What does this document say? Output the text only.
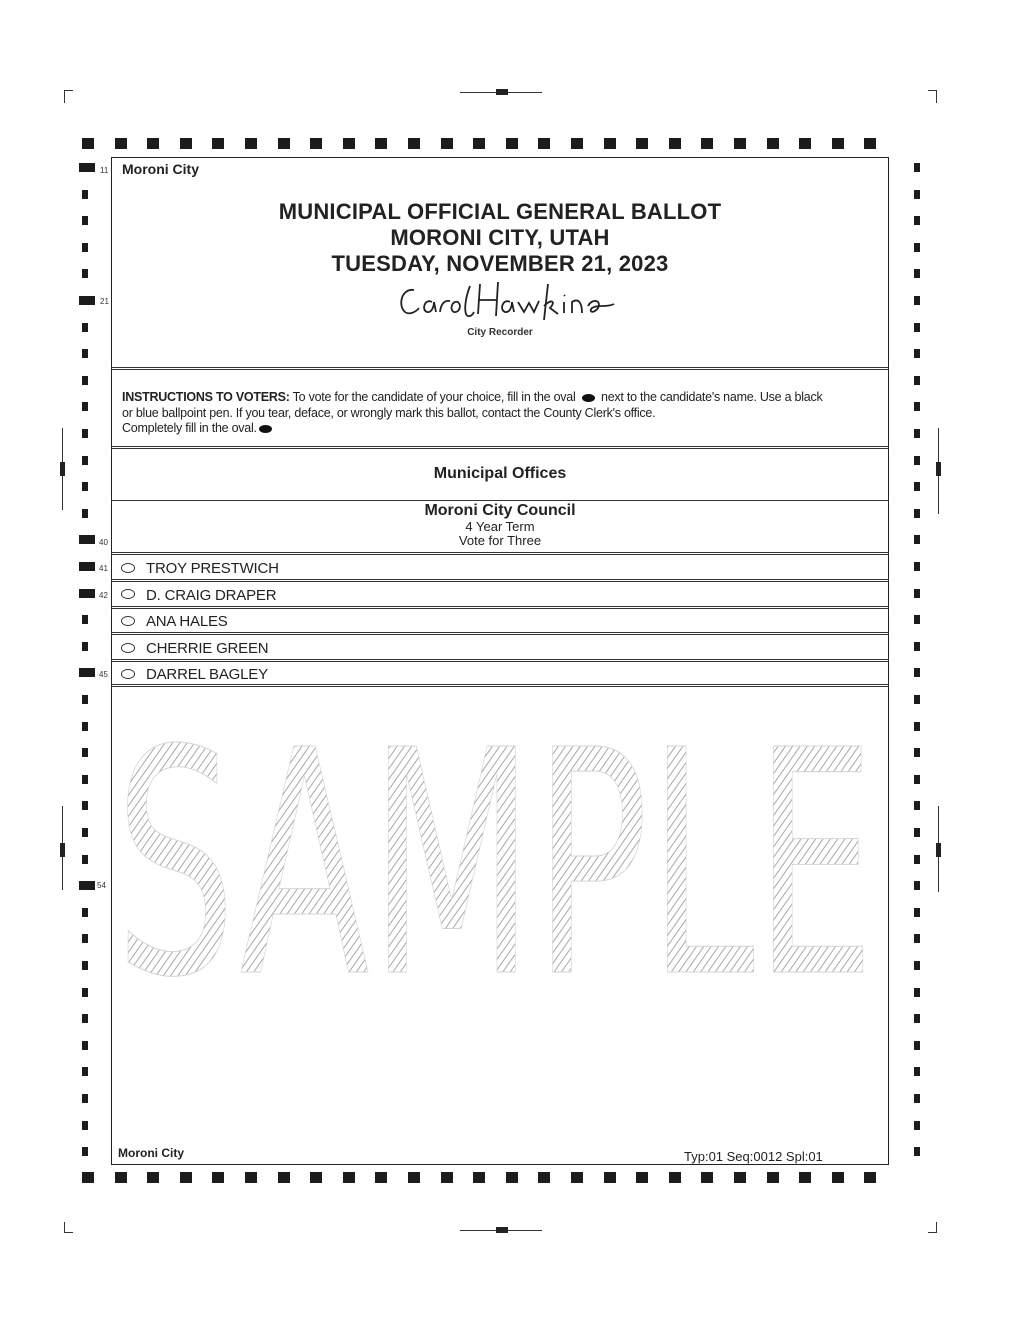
11
21
40
41
42
45
54
Moroni City
MUNICIPAL OFFICIAL GENERAL BALLOT
MORONI CITY, UTAH
TUESDAY, NOVEMBER 21, 2023
City Recorder
INSTRUCTIONS TO VOTERS: To vote for the candidate of your choice, fill in the oval next to the candidate's name. Use a black
or blue ballpoint pen. If you tear, deface, or wrongly mark this ballot, contact the County Clerk's office.
Completely fill in the oval.
Municipal Offices
Moroni City Council
4 Year Term
Vote for Three
TROY PRESTWICH
D. CRAIG DRAPER
ANA HALES
CHERRIE GREEN
DARREL BAGLEY
SAMPLE
Moroni City	Typ:01 Seq:0012 Spl:01
